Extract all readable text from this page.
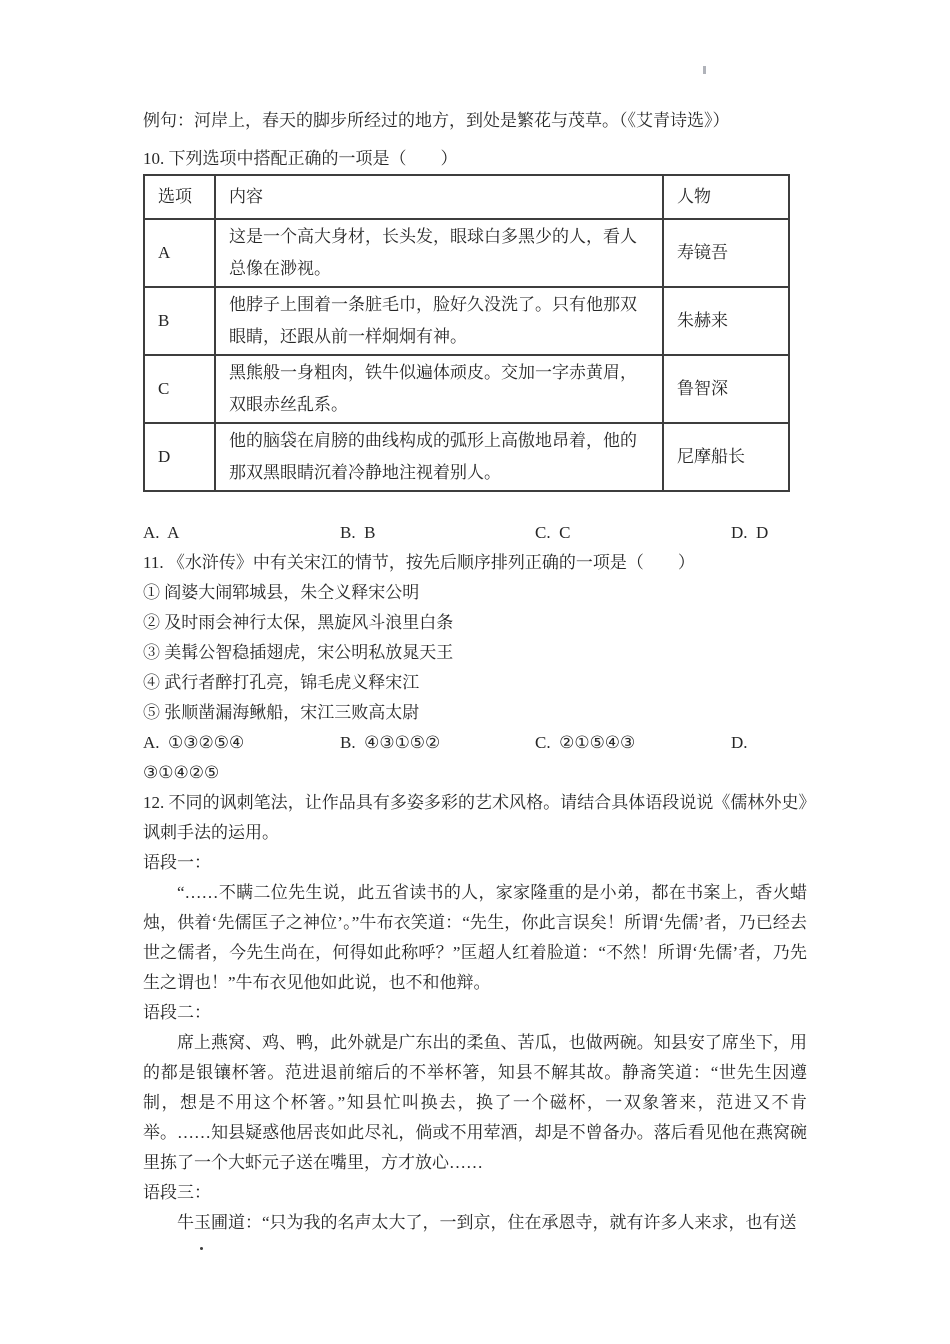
例句：河岸上，春天的脚步所经过的地方，到处是繁花与茂草。（《艾青诗选》）

10. 下列选项中搭配正确的一项是（　　）

选项	内容	人物
A	这是一个高大身材，长头发，眼球白多黑少的人，看人总像在渺视。	寿镜吾
B	他脖子上围着一条脏毛巾，脸好久没洗了。只有他那双眼睛，还跟从前一样炯炯有神。	朱赫来
C	黑熊般一身粗肉，铁牛似遍体顽皮。交加一字赤黄眉，双眼赤丝乱系。	鲁智深
D	他的脑袋在肩膀的曲线构成的弧形上高傲地昂着，他的那双黑眼睛沉着冷静地注视着别人。	尼摩船长
A.  A	B.  B	C.  C	D.  D

11. 《水浒传》中有关宋江的情节，按先后顺序排列正确的一项是（　　）

① 阎婆大闹郓城县，朱仝义释宋公明

② 及时雨会神行太保，黑旋风斗浪里白条

③ 美髯公智稳插翅虎，宋公明私放晁天王

④ 武行者醉打孔亮，锦毛虎义释宋江

⑤ 张顺凿漏海鳅船，宋江三败高太尉

A.  ①③②⑤④	B.  ④③①⑤②	C.  ②①⑤④③	D.

③①④②⑤

12. 不同的讽刺笔法，让作品具有多姿多彩的艺术风格。请结合具体语段说说《儒林外史》讽刺手法的运用。

语段一：

“……不瞒二位先生说，此五省读书的人，家家隆重的是小弟，都在书案上，香火蜡烛，供着‘先儒匡子之神位’。”牛布衣笑道：“先生，你此言误矣！所谓‘先儒’者，乃已经去世之儒者，今先生尚在，何得如此称呼？”匡超人红着脸道：“不然！所谓‘先儒’者，乃先生之谓也！”牛布衣见他如此说，也不和他辩。

语段二：

席上燕窝、鸡、鸭，此外就是广东出的柔鱼、苦瓜，也做两碗。知县安了席坐下，用的都是银镶杯箸。范进退前缩后的不举杯箸，知县不解其故。静斋笑道：“世先生因遵制，想是不用这个杯箸。”知县忙叫换去，换了一个磁杯，一双象箸来，范进又不肯举。……知县疑惑他居丧如此尽礼，倘或不用荤酒，却是不曾备办。落后看见他在燕窝碗里拣了一个大虾元子送在嘴里，方才放心……

语段三：

牛玉圃道：“只为我的名声太大了，一到京，住在承恩寺，就有许多人来求，也有送
